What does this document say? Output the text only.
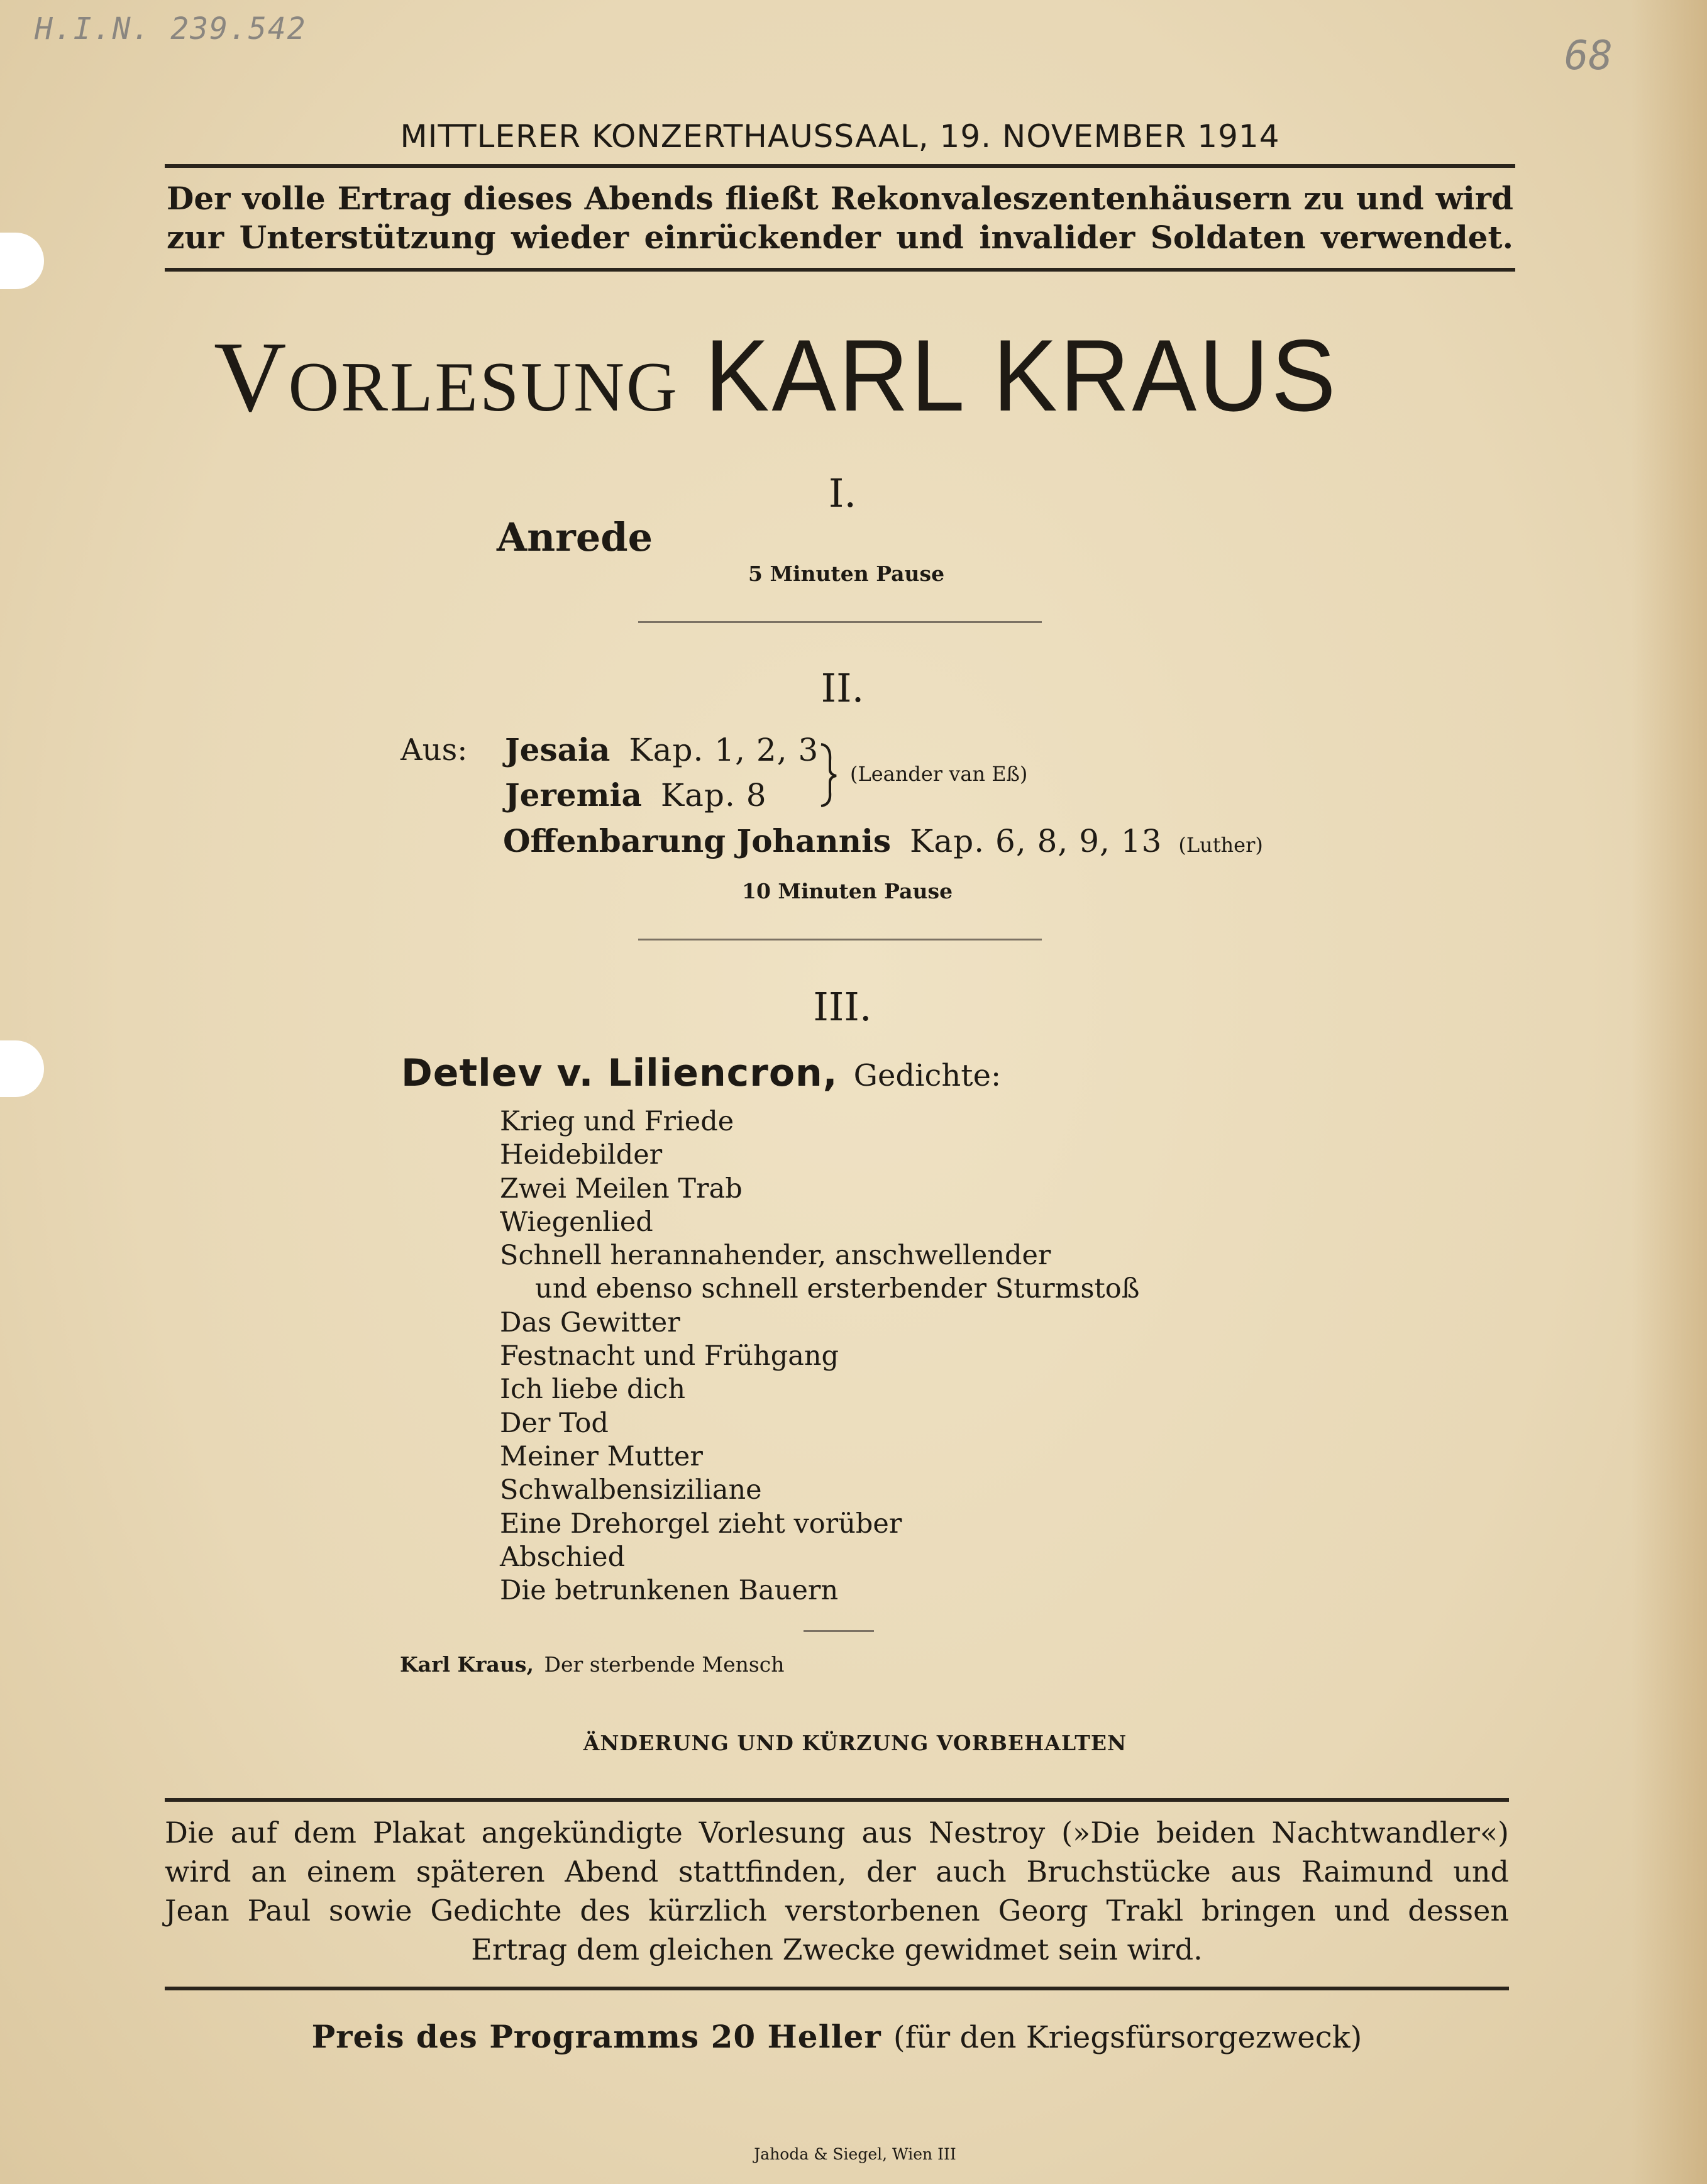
H.I.N. 239.542
68
MITTLERER KONZERTHAUSSAAL, 19. NOVEMBER 1914
Der volle Ertrag dieses Abends fließt Rekonvaleszentenhäusern zu und wird
zur Unterstützung wieder einrückender und invalider Soldaten verwendet.
Vorlesung KARL KRAUS
I.
Anrede
5 Minuten Pause
II.
Aus: Jesaia Kap. 1, 2, 3
Jeremia Kap. 8
(Leander van Eß)
Offenbarung Johannis Kap. 6, 8, 9, 13 (Luther)
10 Minuten Pause
III.
Detlev v. Liliencron, Gedichte:
Krieg und Friede
Heidebilder
Zwei Meilen Trab
Wiegenlied
Schnell herannahender, anschwellender
und ebenso schnell ersterbender Sturmstoß
Das Gewitter
Festnacht und Frühgang
Ich liebe dich
Der Tod
Meiner Mutter
Schwalbensiziliane
Eine Drehorgel zieht vorüber
Abschied
Die betrunkenen Bauern
Karl Kraus, Der sterbende Mensch
ÄNDERUNG UND KÜRZUNG VORBEHALTEN
Die auf dem Plakat angekündigte Vorlesung aus Nestroy (»Die beiden Nachtwandler«)
wird an einem späteren Abend stattfinden, der auch Bruchstücke aus Raimund und
Jean Paul sowie Gedichte des kürzlich verstorbenen Georg Trakl bringen und dessen
Ertrag dem gleichen Zwecke gewidmet sein wird.
Preis des Programms 20 Heller (für den Kriegsfürsorgezweck)
Jahoda & Siegel, Wien III
